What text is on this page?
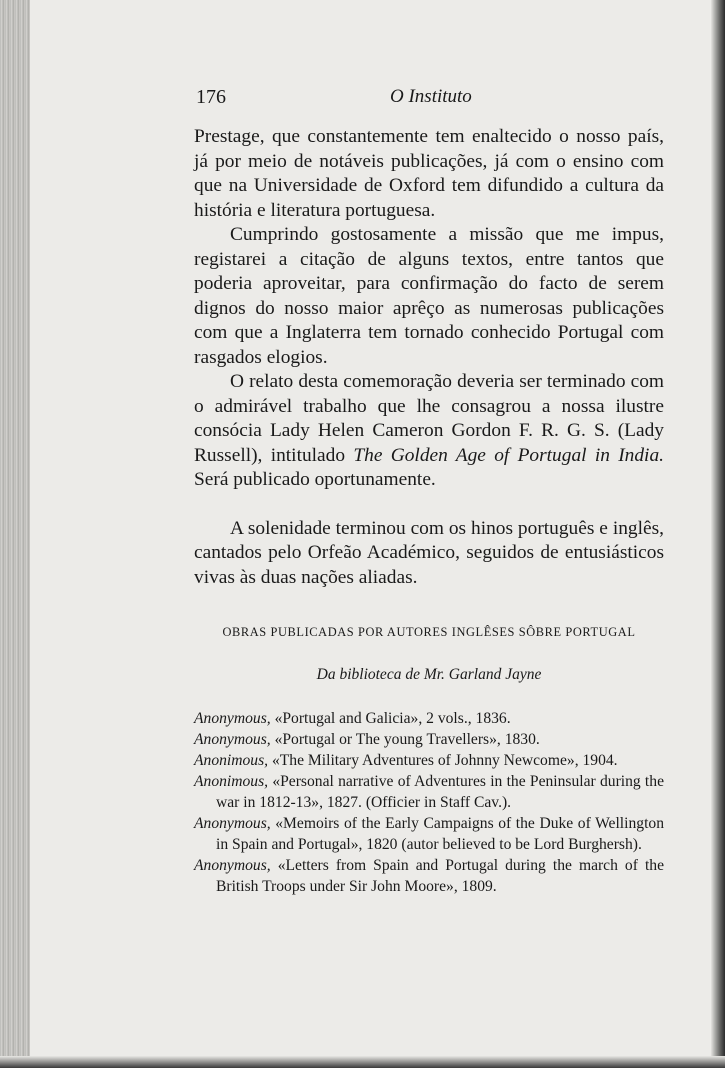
176	O Instituto

Prestage, que constantemente tem enaltecido o nosso país, já por meio de notáveis publicações, já com o ensino com que na Universidade de Oxford tem difundido a cultura da história e literatura portuguesa.

Cumprindo gostosamente a missão que me impus, registarei a citação de alguns textos, entre tantos que poderia aproveitar, para confirmação do facto de serem dignos do nosso maior aprêço as numerosas publicações com que a Inglaterra tem tornado conhecido Portugal com rasgados elogios.

O relato desta comemoração deveria ser terminado com o admirável trabalho que lhe consagrou a nossa ilustre consócia Lady Helen Cameron Gordon F. R. G. S. (Lady Russell), intitulado The Golden Age of Portugal in India. Será publicado oportunamente.

A solenidade terminou com os hinos português e inglês, cantados pelo Orfeão Académico, seguidos de entusiásticos vivas às duas nações aliadas.

OBRAS PUBLICADAS POR AUTORES INGLÊSES SÔBRE PORTUGAL
Da biblioteca de Mr. Garland Jayne

Anonymous, «Portugal and Galicia», 2 vols., 1836.

Anonymous, «Portugal or The young Travellers», 1830.

Anonimous, «The Military Adventures of Johnny Newcome», 1904.

Anonimous, «Personal narrative of Adventures in the Peninsular during the war in 1812-13», 1827. (Officier in Staff Cav.).

Anonymous, «Memoirs of the Early Campaigns of the Duke of Wellington in Spain and Portugal», 1820 (autor believed to be Lord Burghersh).

Anonymous, «Letters from Spain and Portugal during the march of the British Troops under Sir John Moore», 1809.
